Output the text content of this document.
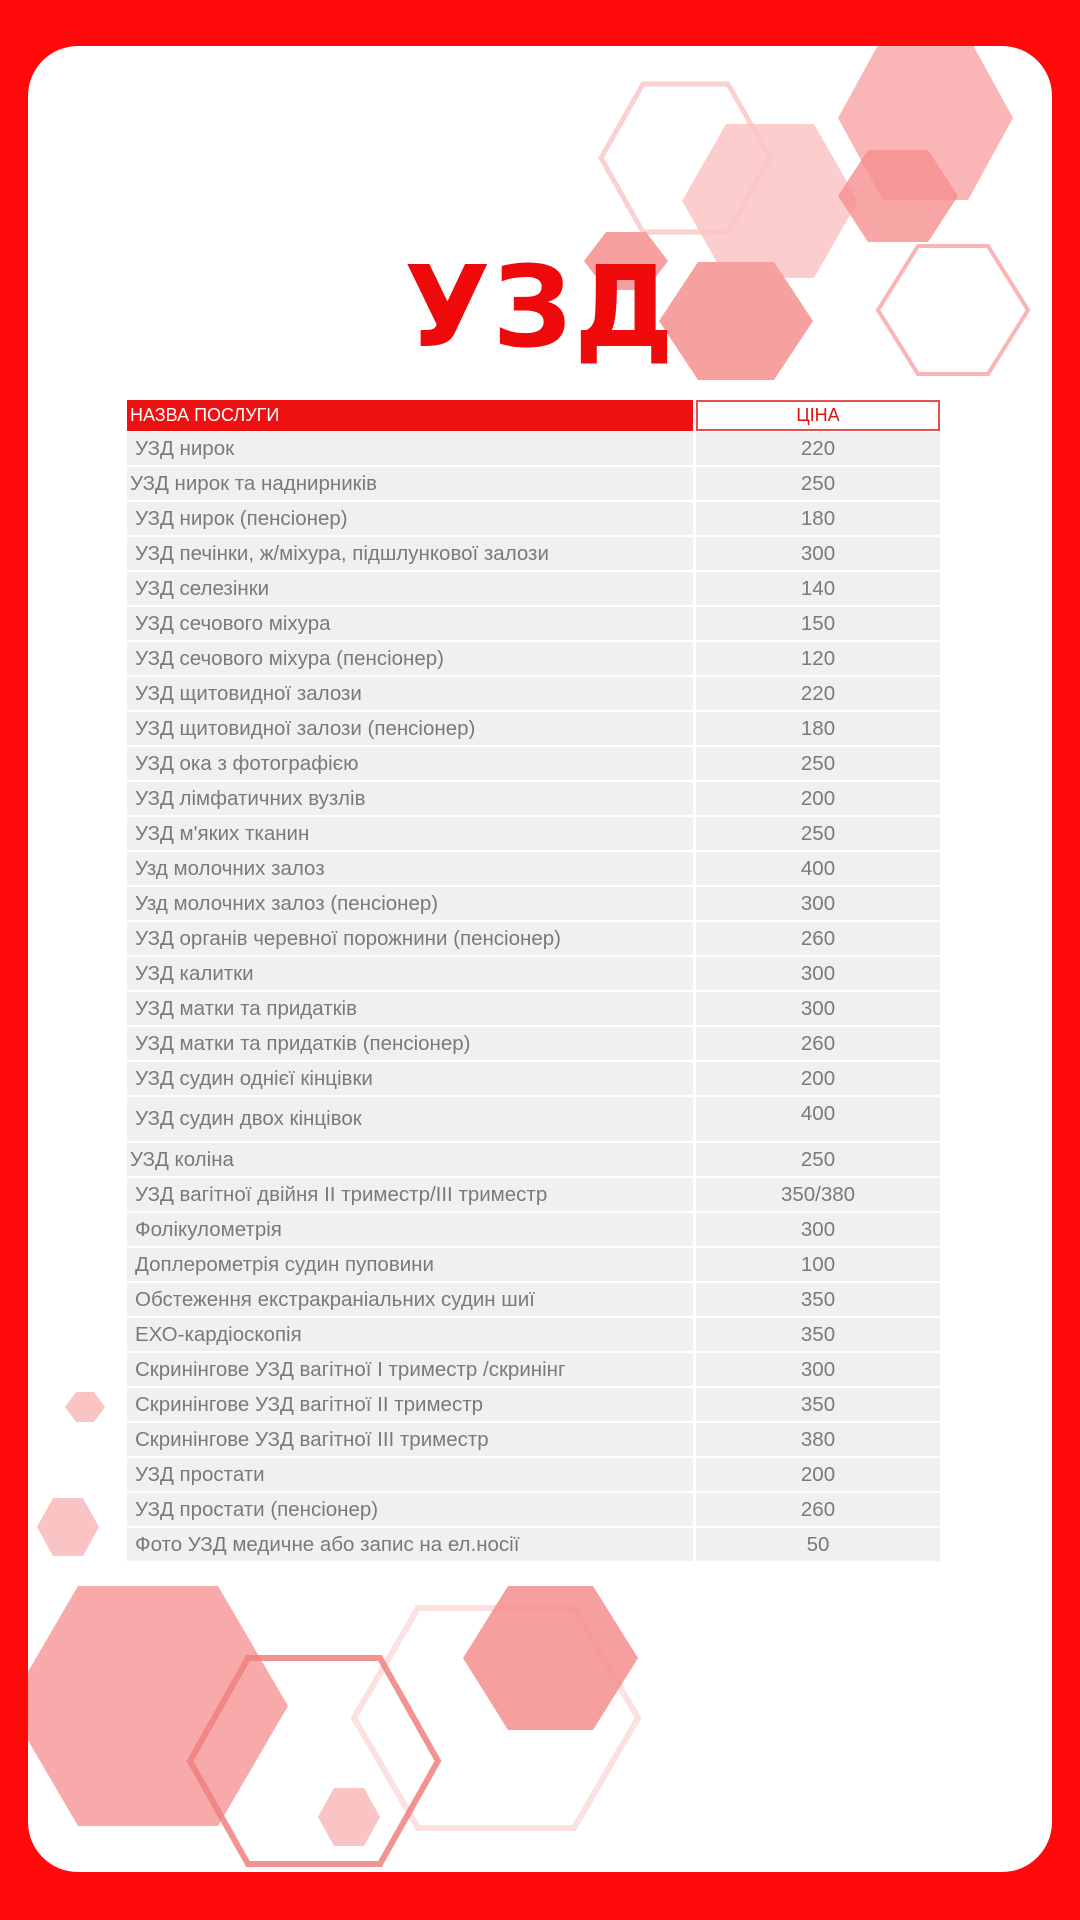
УЗД
НАЗВА ПОСЛУГИ	ЦІНА
УЗД нирок	220
УЗД нирок та наднирників	250
УЗД нирок (пенсіонер)	180
УЗД печінки, ж/міхура, підшлункової залози	300
УЗД селезінки	140
УЗД сечового міхура	150
УЗД сечового міхура (пенсіонер)	120
УЗД щитовидної залози	220
УЗД щитовидної залози (пенсіонер)	180
УЗД ока з фотографією	250
УЗД лімфатичних вузлів	200
УЗД м'яких тканин	250
Узд молочних залоз	400
Узд молочних залоз (пенсіонер)	300
УЗД органів черевної порожнини (пенсіонер)	260
УЗД калитки	300
УЗД матки та придатків	300
УЗД матки та придатків (пенсіонер)	260
УЗД судин однієї кінцівки	200
УЗД судин двох кінцівок	400
УЗД коліна	250
УЗД вагітної двійня ІІ триместр/ІІІ триместр	350/380
Фолікулометрія	300
Доплерометрія судин пуповини	100
Обстеження екстракраніальних судин шиї	350
ЕХО-кардіоскопія	350
Скринінгове УЗД вагітної І триместр /скринінг	300
Скринінгове УЗД вагітної ІІ триместр	350
Скринінгове УЗД вагітної ІІІ триместр	380
УЗД простати	200
УЗД простати (пенсіонер)	260
Фото УЗД медичне або запис на ел.носії	50
